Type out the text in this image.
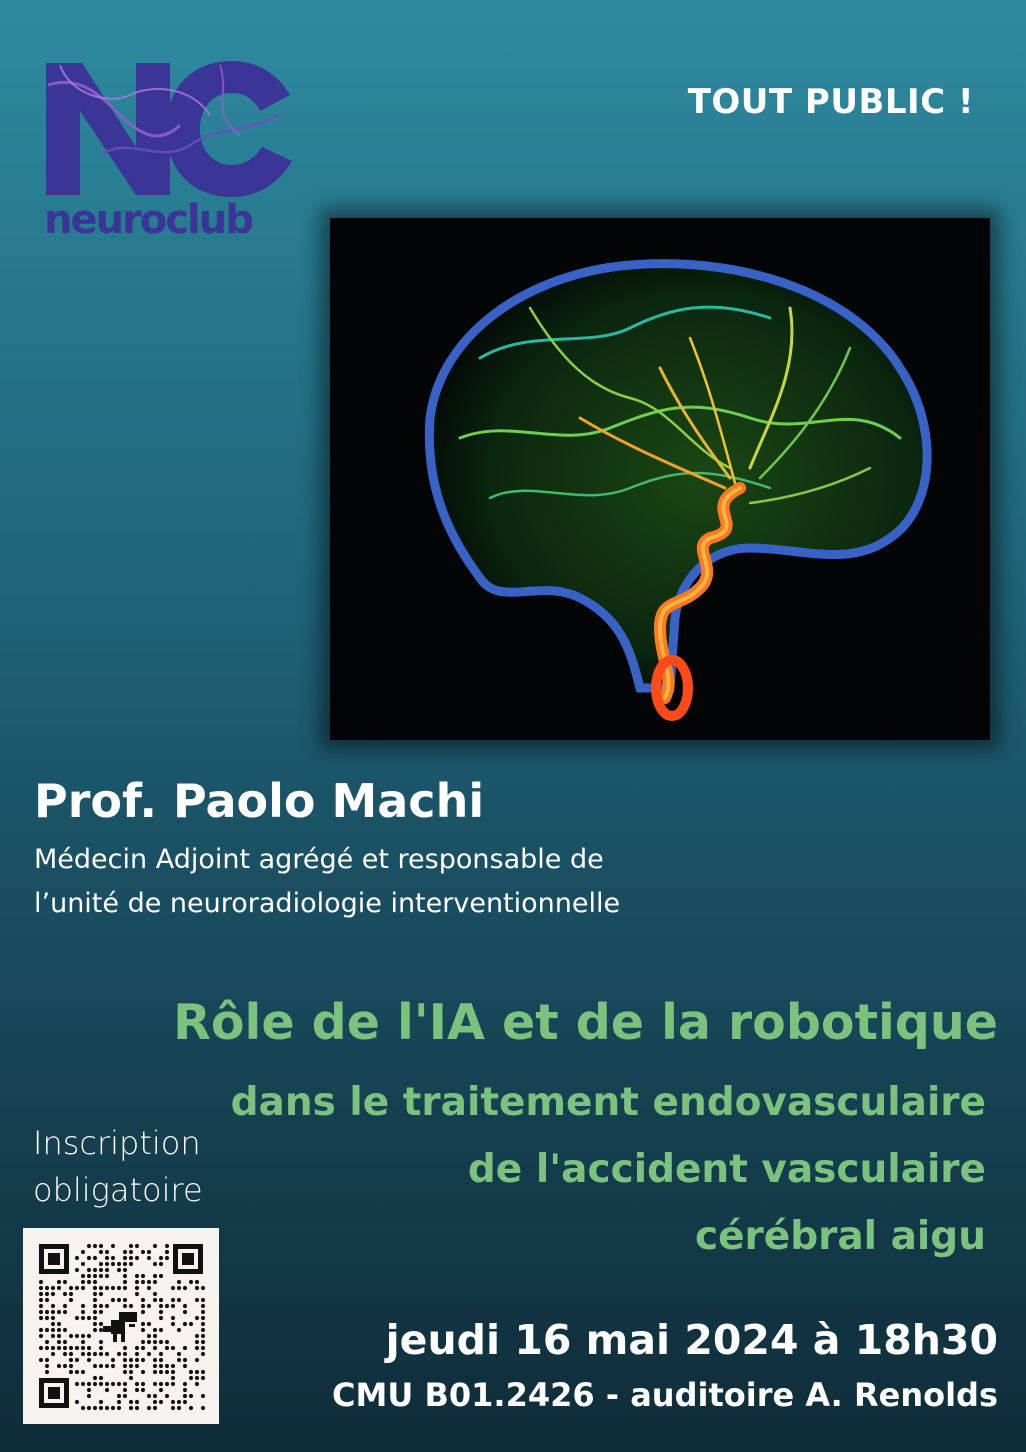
neuroclub
TOUT PUBLIC !
Prof. Paolo Machi
Médecin Adjoint agrégé et responsable de
l’unité de neuroradiologie interventionnelle
Rôle de l'IA et de la robotique
dans le traitement endovasculaire
de l'accident vasculaire
cérébral aigu
Inscription
obligatoire
jeudi 16 mai 2024 à 18h30
CMU B01.2426 - auditoire A. Renolds
